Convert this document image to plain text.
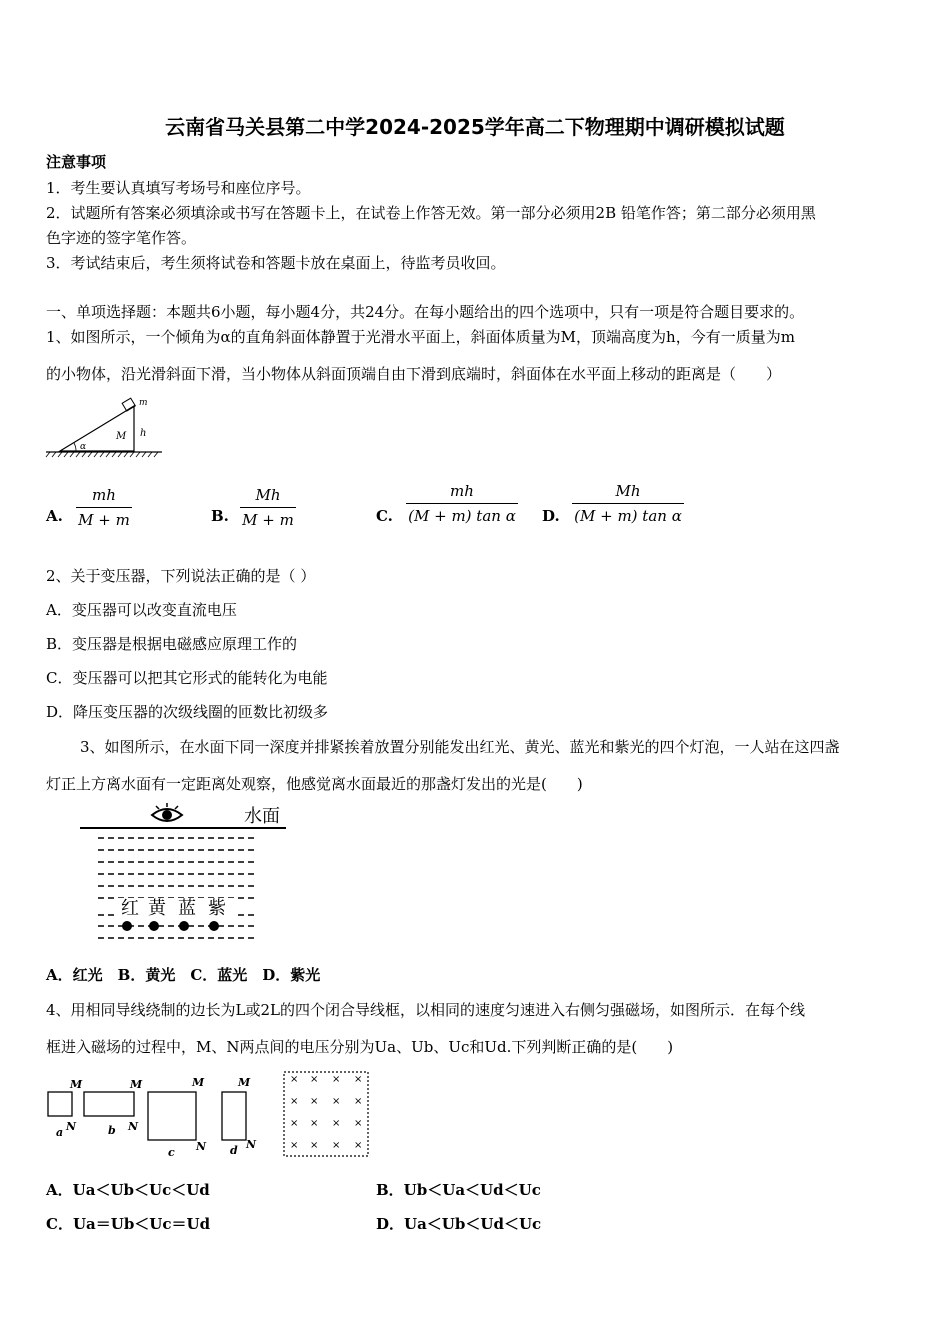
云南省马关县第二中学2024-2025学年高二下物理期中调研模拟试题
注意事项
1．考生要认真填写考场号和座位序号。
2．试题所有答案必须填涂或书写在答题卡上，在试卷上作答无效。第一部分必须用2B 铅笔作答；第二部分必须用黑
色字迹的签字笔作答。
3．考试结束后，考生须将试卷和答题卡放在桌面上，待监考员收回。
一、单项选择题：本题共6小题，每小题4分，共24分。在每小题给出的四个选项中，只有一项是符合题目要求的。
1、如图所示，一个倾角为α的直角斜面体静置于光滑水平面上，斜面体质量为M，顶端高度为h，今有一质量为m
的小物体，沿光滑斜面下滑，当小物体从斜面顶端自由下滑到底端时，斜面体在水平面上移动的距离是（　　）
m
M h
α
A.
mh
M + m	B.
Mh
M + m	C.
mh
(M + m) tan α D.
Mh
(M + m) tan α
2、关于变压器，下列说法正确的是（ ）
A．变压器可以改变直流电压
B．变压器是根据电磁感应原理工作的
C．变压器可以把其它形式的能转化为电能
D．降压变压器的次级线圈的匝数比初级多
3、如图所示，在水面下同一深度并排紧挨着放置分别能发出红光、黄光、蓝光和紫光的四个灯泡，一人站在这四盏
灯正上方离水面有一定距离处观察，他感觉离水面最近的那盏灯发出的光是(　　)
水面
红 黄 蓝 紫
A．红光　B．黄光　C．蓝光　D．紫光
4、用相同导线绕制的边长为L或2L的四个闭合导线框，以相同的速度匀速进入右侧匀强磁场，如图所示．在每个线
框进入磁场的过程中，M、N两点间的电压分别为Ua、Ub、Uc和Ud.下列判断正确的是(　　)
M
N
a
M
N
b
M
N
c
M
N
d
× × × ×
× × × ×
× × × ×
× × × ×
A．Ua＜Ub＜Uc＜Ud	B．Ub＜Ua＜Ud＜Uc
C．Ua＝Ub＜Uc＝Ud	D．Ua＜Ub＜Ud＜Uc
